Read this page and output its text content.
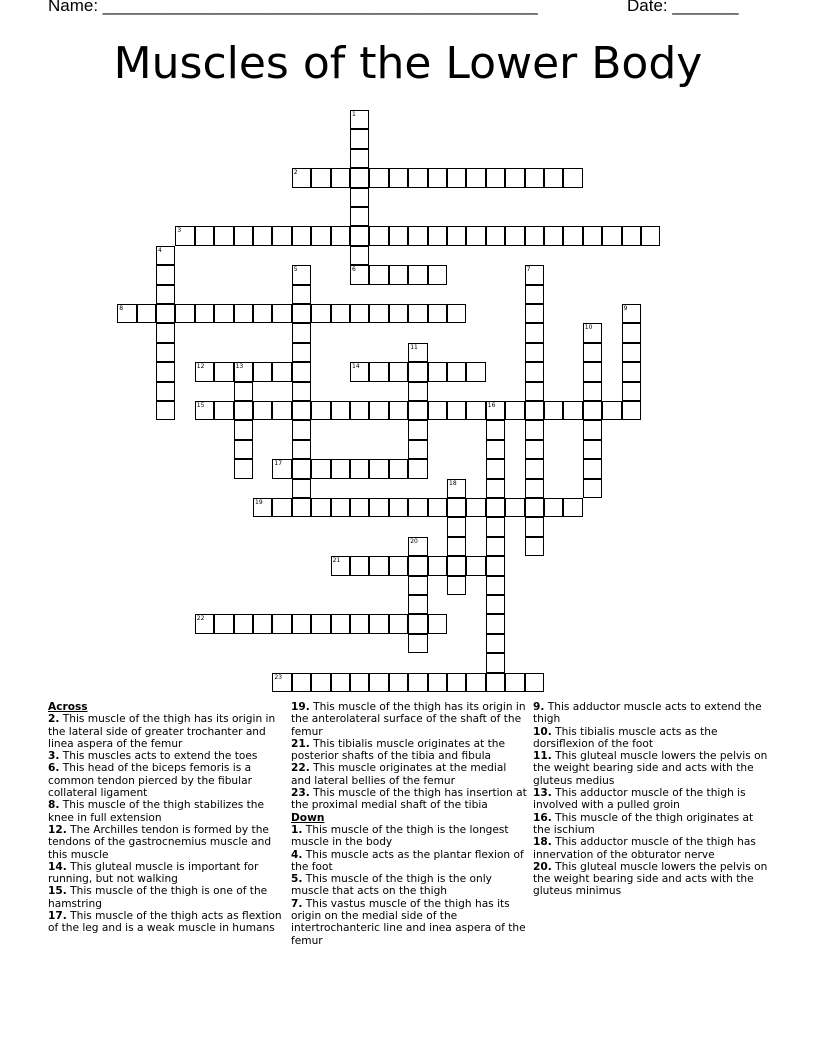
Name: ______________________________________________	Date: _______
Muscles of the Lower Body
1
6
2
3
4
5	7
8	9
10
11
12	13	14
15	16
17
18
19
20
21
22
23
Across
2. This muscle of the thigh has its origin in the lateral side of greater trochanter and linea aspera of the femur
3. This muscles acts to extend the toes
6. This head of the biceps femoris is a common tendon pierced by the fibular collateral ligament
8. This muscle of the thigh stabilizes the knee in full extension
12. The Archilles tendon is formed by the tendons of the gastrocnemius muscle and this muscle
14. This gluteal muscle is important for running, but not walking
15. This muscle of the thigh is one of the hamstring
17. This muscle of the thigh acts as flextion of the leg and is a weak muscle in humans
19. This muscle of the thigh has its origin in the anterolateral surface of the shaft of the femur
21. This tibialis muscle originates at the posterior shafts of the tibia and fibula
22. This muscle originates at the medial and lateral bellies of the femur
23. This muscle of the thigh has insertion at the proximal medial shaft of the tibia
Down
1. This muscle of the thigh is the longest muscle in the body
4. This muscle acts as the plantar flexion of the foot
5. This muscle of the thigh is the only muscle that acts on the thigh
7. This vastus muscle of the thigh has its origin on the medial side of the intertrochanteric line and inea aspera of the femur
9. This adductor muscle acts to extend the thigh
10. This tibialis muscle acts as the dorsiflexion of the foot
11. This gluteal muscle lowers the pelvis on the weight bearing side and acts with the gluteus medius
13. This adductor muscle of the thigh is involved with a pulled groin
16. This muscle of the thigh originates at the ischium
18. This adductor muscle of the thigh has innervation of the obturator nerve
20. This gluteal muscle lowers the pelvis on the weight bearing side and acts with the gluteus minimus
